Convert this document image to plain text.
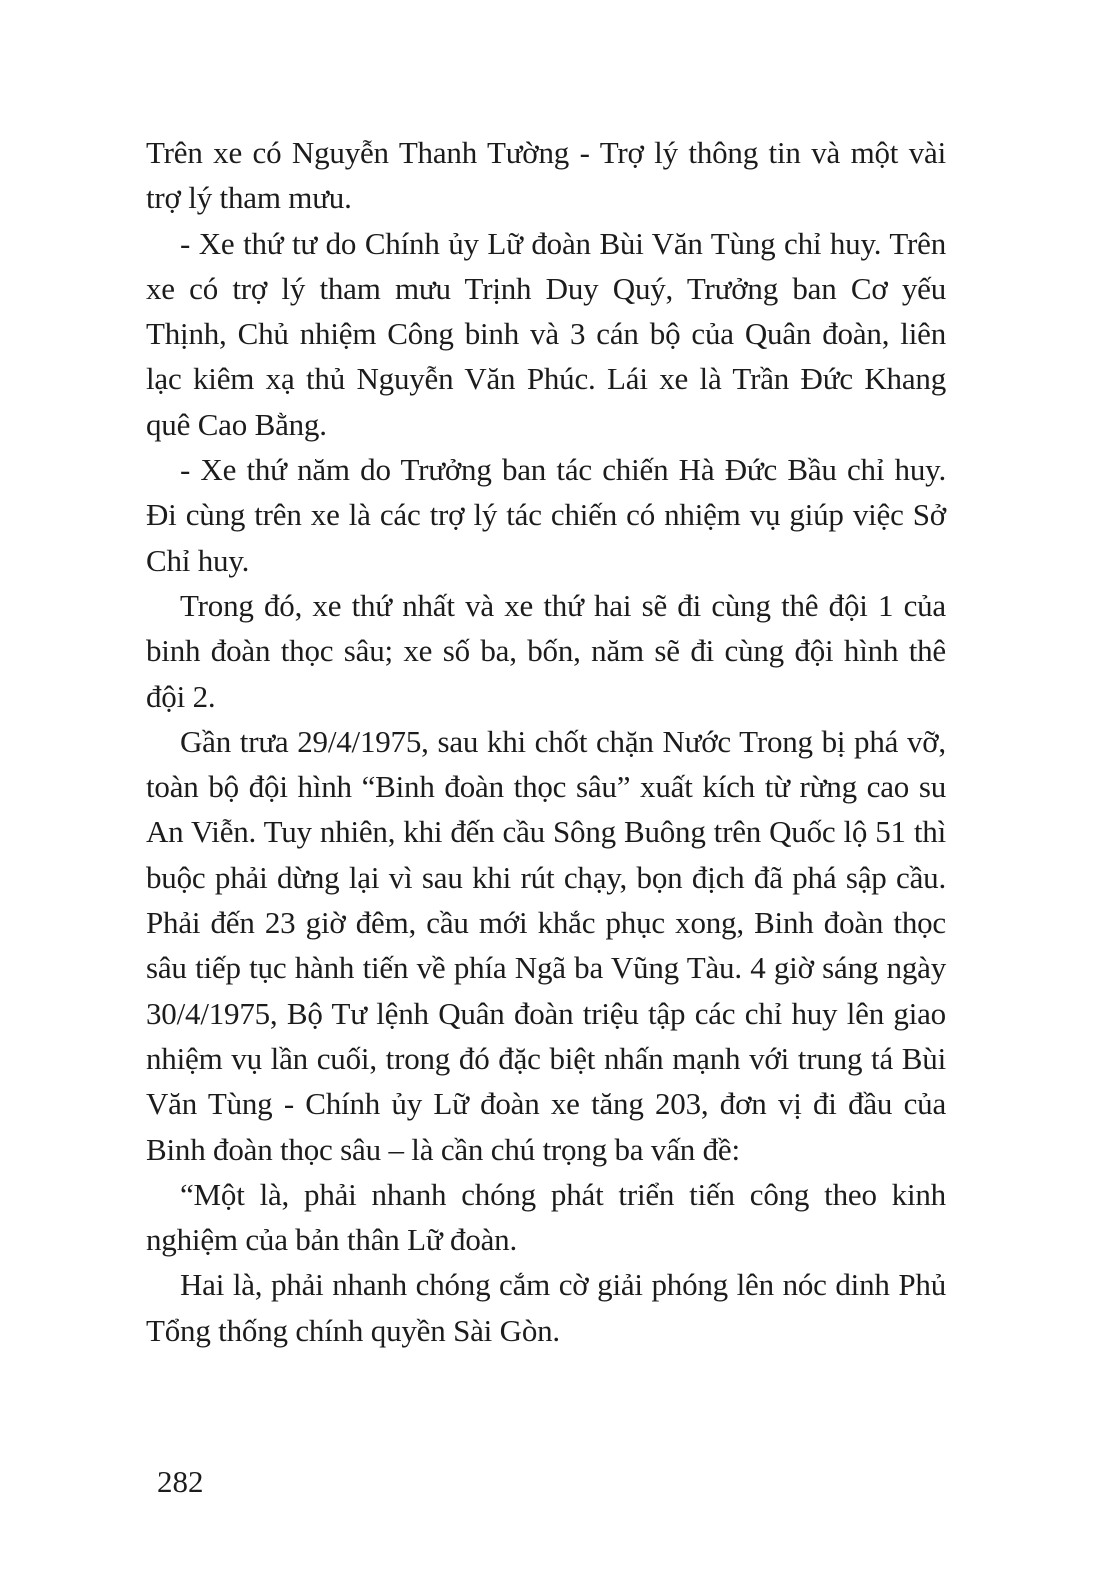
Trên xe có Nguyễn Thanh Tường - Trợ lý thông tin và một vài trợ lý tham mưu.

- Xe thứ tư do Chính ủy Lữ đoàn Bùi Văn Tùng chỉ huy. Trên xe có trợ lý tham mưu Trịnh Duy Quý, Trưởng ban Cơ yếu Thịnh, Chủ nhiệm Công binh và 3 cán bộ của Quân đoàn, liên lạc kiêm xạ thủ Nguyễn Văn Phúc. Lái xe là Trần Đức Khang quê Cao Bằng.

- Xe thứ năm do Trưởng ban tác chiến Hà Đức Bầu chỉ huy. Đi cùng trên xe là các trợ lý tác chiến có nhiệm vụ giúp việc Sở Chỉ huy.

Trong đó, xe thứ nhất và xe thứ hai sẽ đi cùng thê đội 1 của binh đoàn thọc sâu; xe số ba, bốn, năm sẽ đi cùng đội hình thê đội 2.

Gần trưa 29/4/1975, sau khi chốt chặn Nước Trong bị phá vỡ, toàn bộ đội hình “Binh đoàn thọc sâu” xuất kích từ rừng cao su An Viễn. Tuy nhiên, khi đến cầu Sông Buông trên Quốc lộ 51 thì buộc phải dừng lại vì sau khi rút chạy, bọn địch đã phá sập cầu. Phải đến 23 giờ đêm, cầu mới khắc phục xong, Binh đoàn thọc sâu tiếp tục hành tiến về phía Ngã ba Vũng Tàu. 4 giờ sáng ngày 30/4/1975, Bộ Tư lệnh Quân đoàn triệu tập các chỉ huy lên giao nhiệm vụ lần cuối, trong đó đặc biệt nhấn mạnh với trung tá Bùi Văn Tùng - Chính ủy Lữ đoàn xe tăng 203, đơn vị đi đầu của Binh đoàn thọc sâu – là cần chú trọng ba vấn đề:

“Một là, phải nhanh chóng phát triển tiến công theo kinh nghiệm của bản thân Lữ đoàn.

Hai là, phải nhanh chóng cắm cờ giải phóng lên nóc dinh Phủ Tổng thống chính quyền Sài Gòn.

282
